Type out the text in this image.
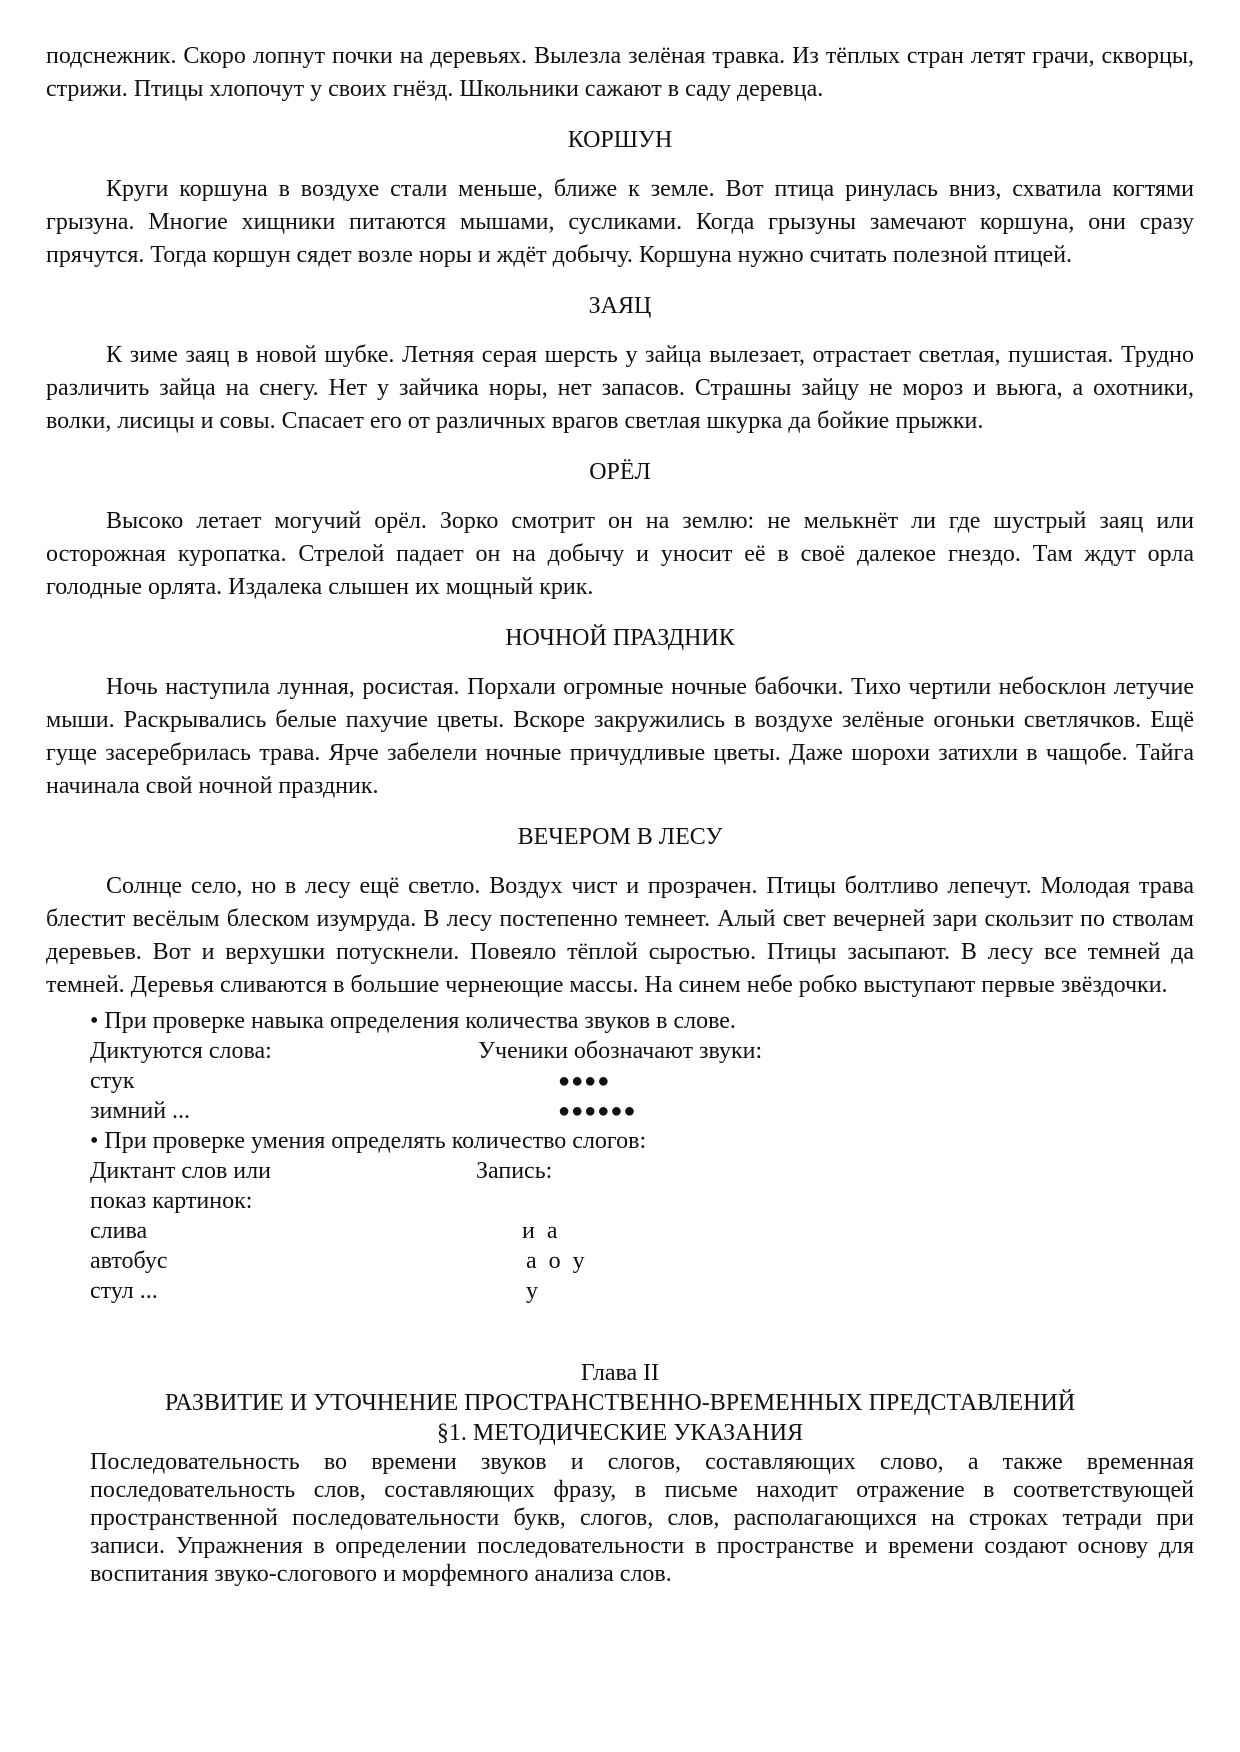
подснежник. Скоро лопнут почки на деревьях. Вылезла зелёная травка. Из тёплых стран летят грачи, скворцы, стрижи. Птицы хлопочут у своих гнёзд. Школьники сажают в саду деревца.

КОРШУН

Круги коршуна в воздухе стали меньше, ближе к земле. Вот птица ринулась вниз, схватила когтями грызуна. Многие хищники питаются мышами, сусликами. Когда грызуны замечают коршуна, они сразу прячутся. Тогда коршун сядет возле норы и ждёт добычу. Коршуна нужно считать полезной птицей.

ЗАЯЦ

К зиме заяц в новой шубке. Летняя серая шерсть у зайца вылезает, отрастает светлая, пушистая. Трудно различить зайца на снегу. Нет у зайчика норы, нет запасов. Страшны зайцу не мороз и вьюга, а охотники, волки, лисицы и совы. Спасает его от различных врагов светлая шкурка да бойкие прыжки.

ОРЁЛ

Высоко летает могучий орёл. Зорко смотрит он на землю: не мелькнёт ли где шустрый заяц или осторожная куропатка. Стрелой падает он на добычу и уносит её в своё далекое гнездо. Там ждут орла голодные орлята. Издалека слышен их мощный крик.

НОЧНОЙ ПРАЗДНИК

Ночь наступила лунная, росистая. Порхали огромные ночные бабочки. Тихо чертили небосклон летучие мыши. Раскрывались белые пахучие цветы. Вскоре закружились в воздухе зелёные огоньки светлячков. Ещё гуще засеребрилась трава. Ярче забелели ночные причудливые цветы. Даже шорохи затихли в чащобе. Тайга начинала свой ночной праздник.

ВЕЧЕРОМ В ЛЕСУ

Солнце село, но в лесу ещё светло. Воздух чист и прозрачен. Птицы болтливо лепечут. Молодая трава блестит весёлым блеском изумруда. В лесу постепенно темнеет. Алый свет вечерней зари скользит по стволам деревьев. Вот и верхушки потускнели. Повеяло тёплой сыростью. Птицы засыпают. В лесу все темней да темней. Деревья сливаются в большие чернеющие массы. На синем небе робко выступают первые звёздочки.

• При проверке навыка определения количества звуков в слове.
Диктуются слова:	Ученики обозначают звуки:
стук	●●●●
зимний ...	●●●●●●
• При проверке умения определять количество слогов:
Диктант слов или	Запись:
показ картинок:
слива	и  а
автобус	а  о  у
стул ...	у
Глава II
РАЗВИТИЕ И УТОЧНЕНИЕ ПРОСТРАНСТВЕННО-ВРЕМЕННЫХ ПРЕДСТАВЛЕНИЙ
§1. МЕТОДИЧЕСКИЕ УКАЗАНИЯ

Последовательность во времени звуков и слогов, составляющих слово, а также временная последовательность слов, составляющих фразу, в письме находит отражение в соответствующей пространственной последовательности букв, слогов, слов, располагающихся на строках тетради при записи. Упражнения в определении последовательности в пространстве и времени создают основу для воспитания звуко-слогового и морфемного анализа слов.
